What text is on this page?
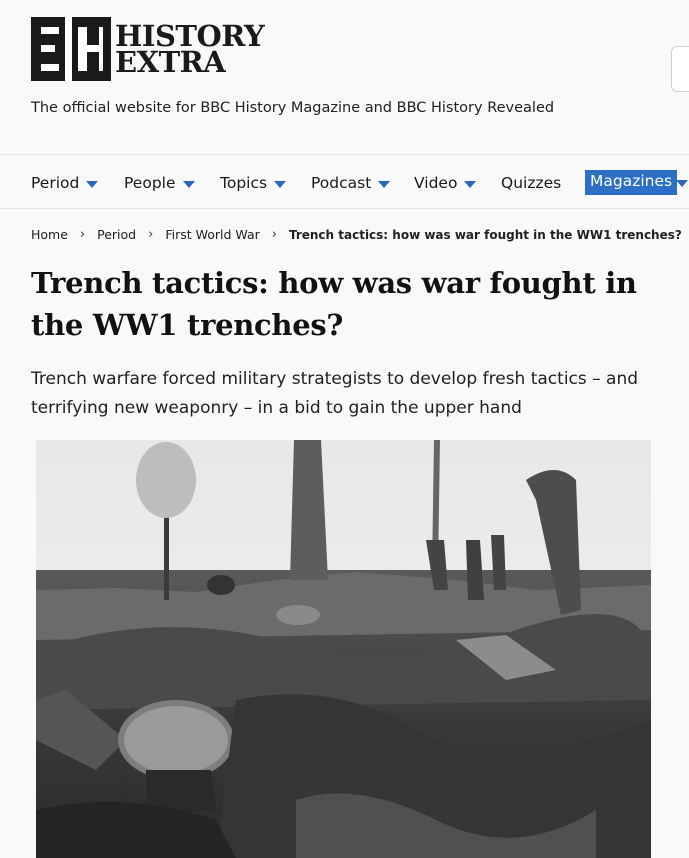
HISTORY
EXTRA
The official website for BBC History Magazine and BBC History Revealed
Period	People	Topics	Podcast	Video	Quizzes	Magazines
Home › Period › First World War › Trench tactics: how was war fought in the WW1 trenches?
Trench tactics: how was war fought in the WW1 trenches?

Trench warfare forced military strategists to develop fresh tactics – and terrifying new weaponry – in a bid to gain the upper hand
